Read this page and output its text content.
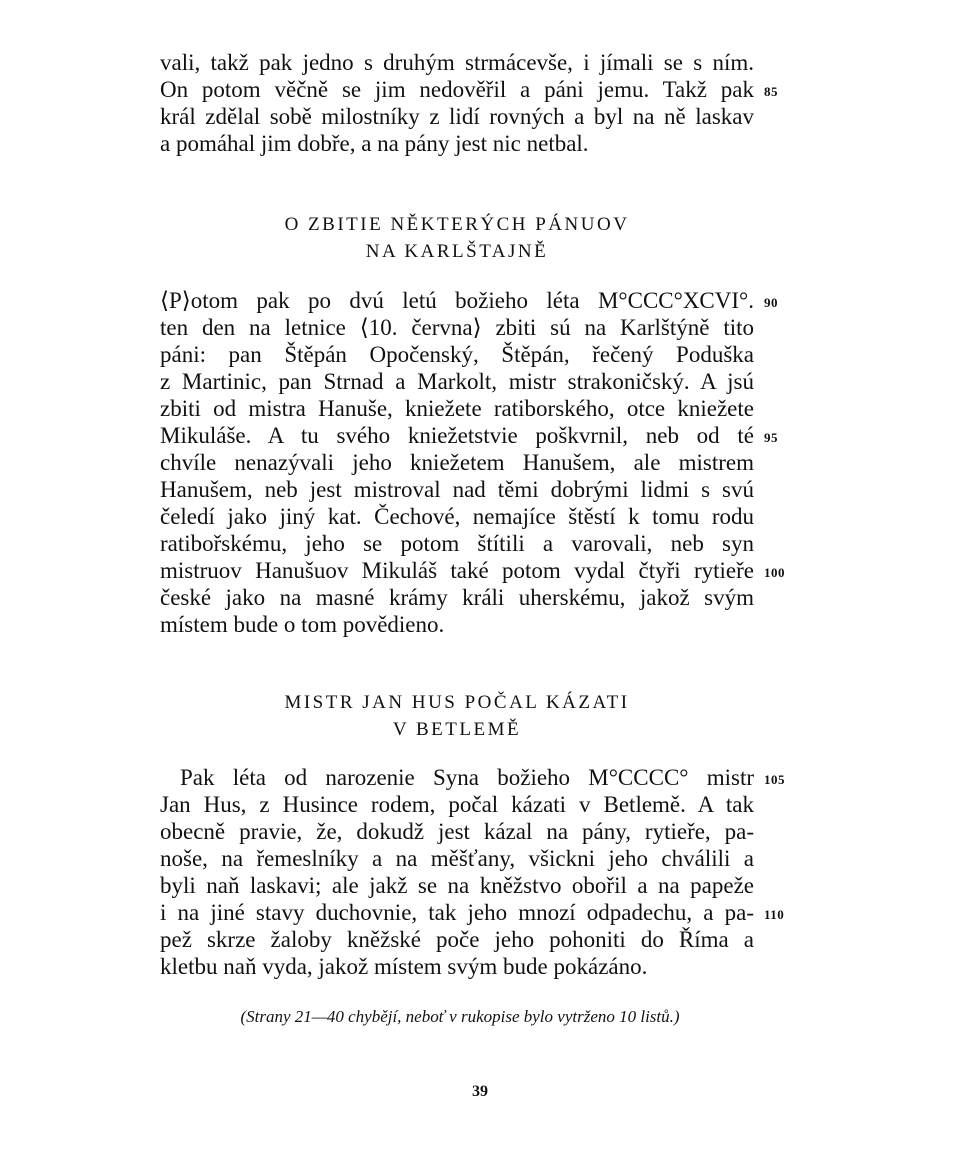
vali, takž pak jedno s druhým strmácevše, i jímali se s ním.
On potom věčně se jim nedověřil a páni jemu. Takž pak 85
král zdělal sobě milostníky z lidí rovných a byl na ně laskav
a pomáhal jim dobře, a na pány jest nic netbal.
O ZBITIE NĚKTERÝCH PÁNUOV
NA KARLŠTAJNĚ
⟨P⟩otom pak po dvú letú božieho léta M°CCC°XCVI°. 90
ten den na letnice ⟨10. června⟩ zbiti sú na Karlštýně tito
páni: pan Štěpán Opočenský, Štěpán, řečený Poduška
z Martinic, pan Strnad a Markolt, mistr strakoničský. A jsú
zbiti od mistra Hanuše, kniežete ratiborského, otce kniežete
Mikuláše. A tu svého kniežetstvie poškvrnil, neb od té 95
chvíle nenazývali jeho kniežetem Hanušem, ale mistrem
Hanušem, neb jest mistroval nad těmi dobrými lidmi s svú
čeledí jako jiný kat. Čechové, nemajíce štěstí k tomu rodu
ratibořskému, jeho se potom štítili a varovali, neb syn
mistruov Hanušuov Mikuláš také potom vydal čtyři rytieře 100
české jako na masné krámy králi uherskému, jakož svým
místem bude o tom povědieno.
MISTR JAN HUS POČAL KÁZATI
V BETLEMĚ
Pak léta od narozenie Syna božieho M°CCCC° mistr 105
Jan Hus, z Husince rodem, počal kázati v Betlemě. A tak
obecně pravie, že, dokudž jest kázal na pány, rytieře, pa-
noše, na řemeslníky a na měšťany, všickni jeho chválili a
byli naň laskavi; ale jakž se na kněžstvo obořil a na papeže
i na jiné stavy duchovnie, tak jeho mnozí odpadechu, a pa- 110
pež skrze žaloby kněžské poče jeho pohoniti do Říma a
kletbu naň vyda, jakož místem svým bude pokázáno.
(Strany 21—40 chybějí, neboť v rukopise bylo vytrženo 10 listů.)
39
